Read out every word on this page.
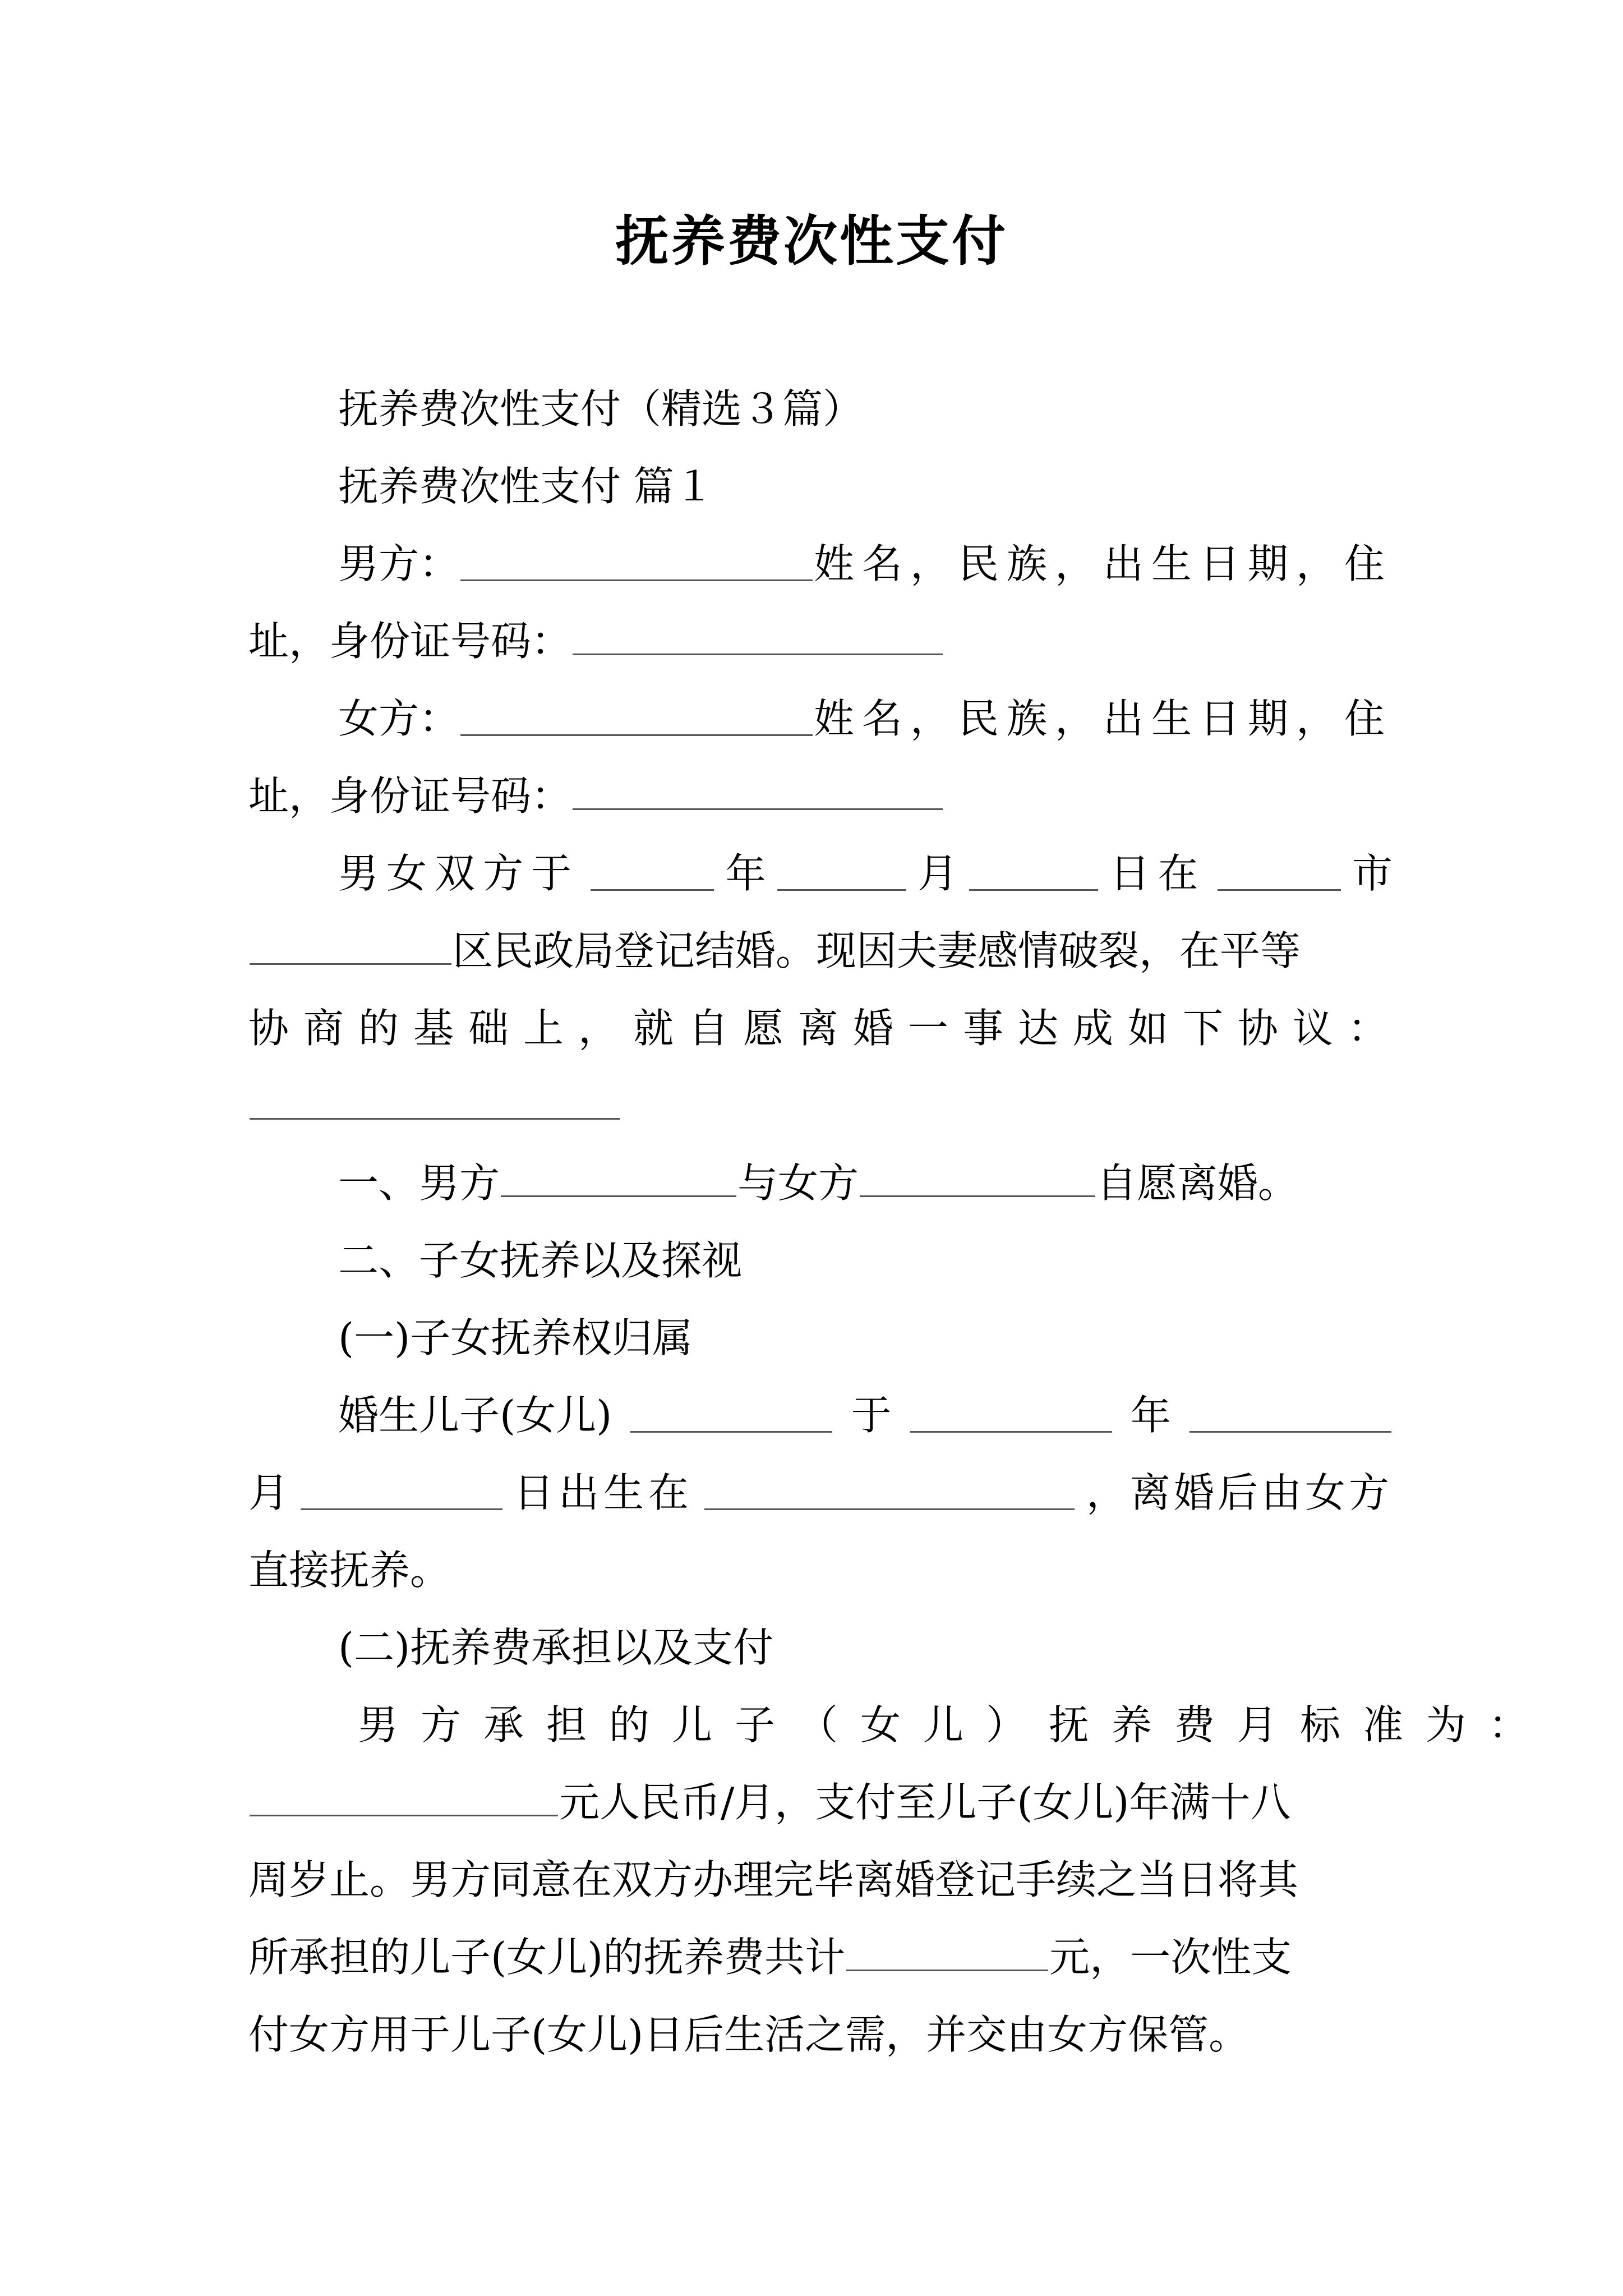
抚养费次性支付
抚养费次性支付（精选３篇）
抚养费次性支付 篇１
男方：	姓名，民族，出生日期，住
址，身份证号码：
女方：	姓名，民族，出生日期，住
址，身份证号码：
男女双方于	年	月	日在	市
区民政局登记结婚。现因夫妻感情破裂，在平等
协商的基础上，就自愿离婚一事达成如下协议：
一、男方	与女方	自愿离婚。
二、子女抚养以及探视
(一)子女抚养权归属
婚生儿子(女儿)	于	年
月	日出生在	，离婚后由女方
直接抚养。
(二)抚养费承担以及支付
男方承担的儿子（女儿）抚养费月标准为：
元人民币/月，支付至儿子(女儿)年满十八
周岁止。男方同意在双方办理完毕离婚登记手续之当日将其
所承担的儿子(女儿)的抚养费共计	元，一次性支
付女方用于儿子(女儿)日后生活之需，并交由女方保管。
